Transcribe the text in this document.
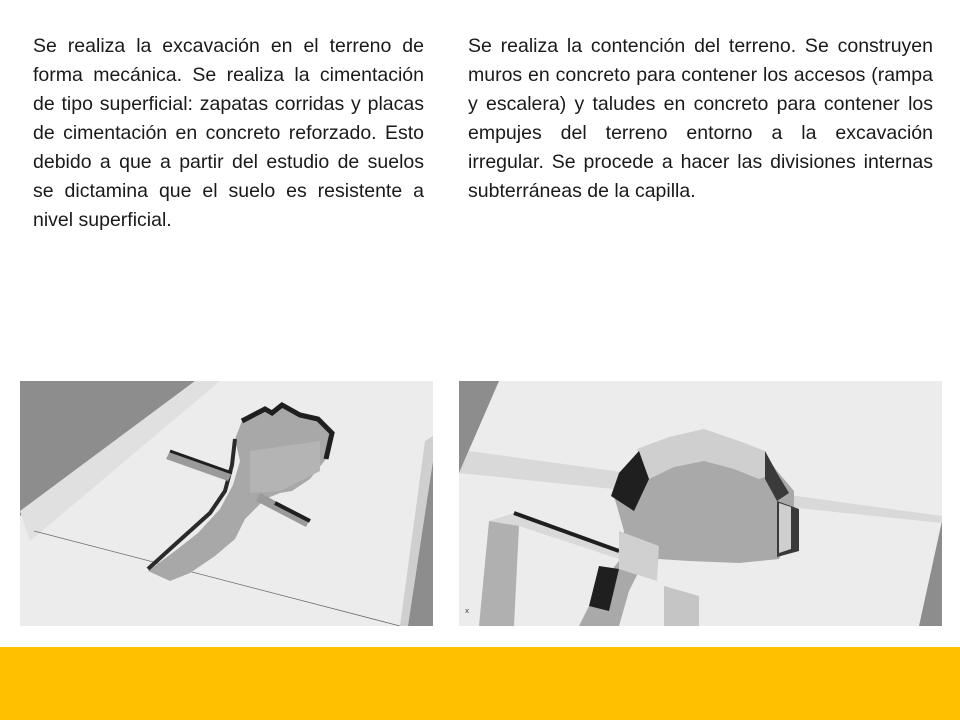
Se realiza la excavación en el terreno de forma mecánica. Se realiza la cimentación de tipo superficial: zapatas corridas y placas de cimentación en concreto reforzado. Esto debido a que a partir del estudio de suelos se dictamina que el suelo es resistente a nivel superficial.

Se realiza la contención del terreno. Se construyen muros en concreto para contener los accesos (rampa y escalera) y taludes en concreto para contener los empujes del terreno entorno a la excavación irregular. Se procede a hacer las divisiones internas subterráneas de la capilla.

x
